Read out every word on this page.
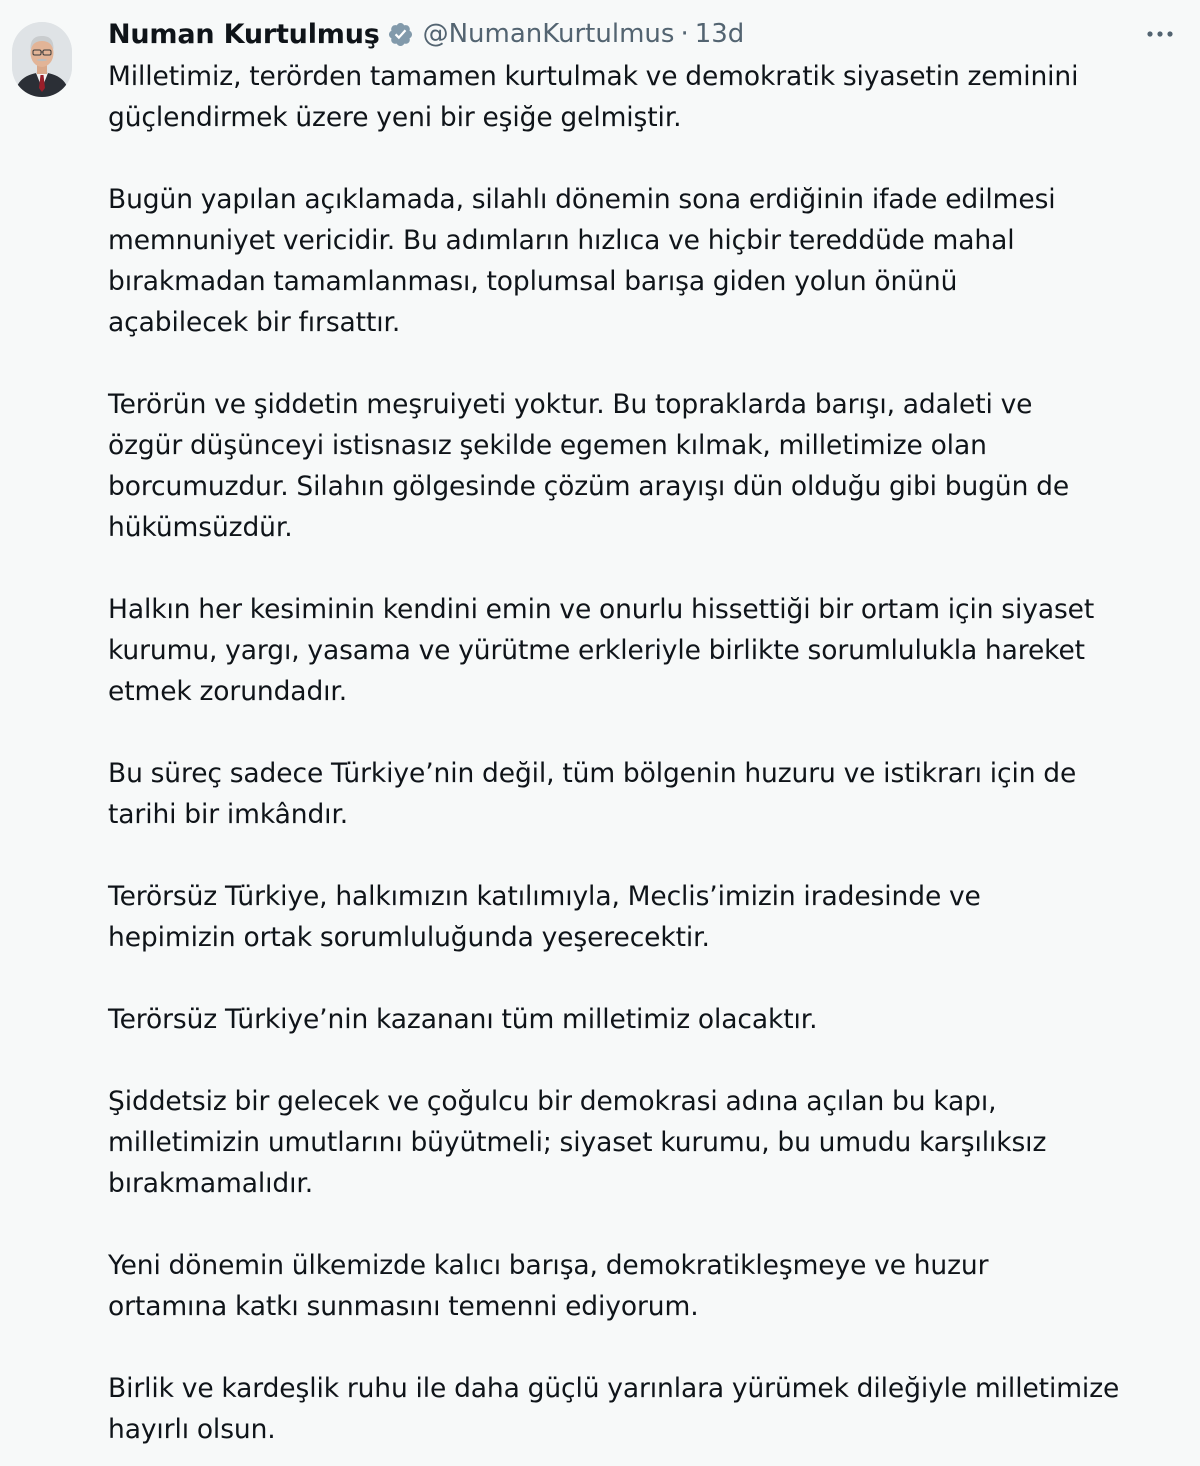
Numan Kurtulmuş @NumanKurtulmus · 13d

Milletimiz, terörden tamamen kurtulmak ve demokratik siyasetin zeminini
güçlendirmek üzere yeni bir eşiğe gelmiştir.

Bugün yapılan açıklamada, silahlı dönemin sona erdiğinin ifade edilmesi
memnuniyet vericidir. Bu adımların hızlıca ve hiçbir tereddüde mahal
bırakmadan tamamlanması, toplumsal barışa giden yolun önünü
açabilecek bir fırsattır.

Terörün ve şiddetin meşruiyeti yoktur. Bu topraklarda barışı, adaleti ve
özgür düşünceyi istisnasız şekilde egemen kılmak, milletimize olan
borcumuzdur. Silahın gölgesinde çözüm arayışı dün olduğu gibi bugün de
hükümsüzdür.

Halkın her kesiminin kendini emin ve onurlu hissettiği bir ortam için siyaset
kurumu, yargı, yasama ve yürütme erkleriyle birlikte sorumlulukla hareket
etmek zorundadır.

Bu süreç sadece Türkiye’nin değil, tüm bölgenin huzuru ve istikrarı için de
tarihi bir imkândır.

Terörsüz Türkiye, halkımızın katılımıyla, Meclis’imizin iradesinde ve
hepimizin ortak sorumluluğunda yeşerecektir.

Terörsüz Türkiye’nin kazananı tüm milletimiz olacaktır.

Şiddetsiz bir gelecek ve çoğulcu bir demokrasi adına açılan bu kapı,
milletimizin umutlarını büyütmeli; siyaset kurumu, bu umudu karşılıksız
bırakmamalıdır.

Yeni dönemin ülkemizde kalıcı barışa, demokratikleşmeye ve huzur
ortamına katkı sunmasını temenni ediyorum.

Birlik ve kardeşlik ruhu ile daha güçlü yarınlara yürümek dileğiyle milletimize
hayırlı olsun.
